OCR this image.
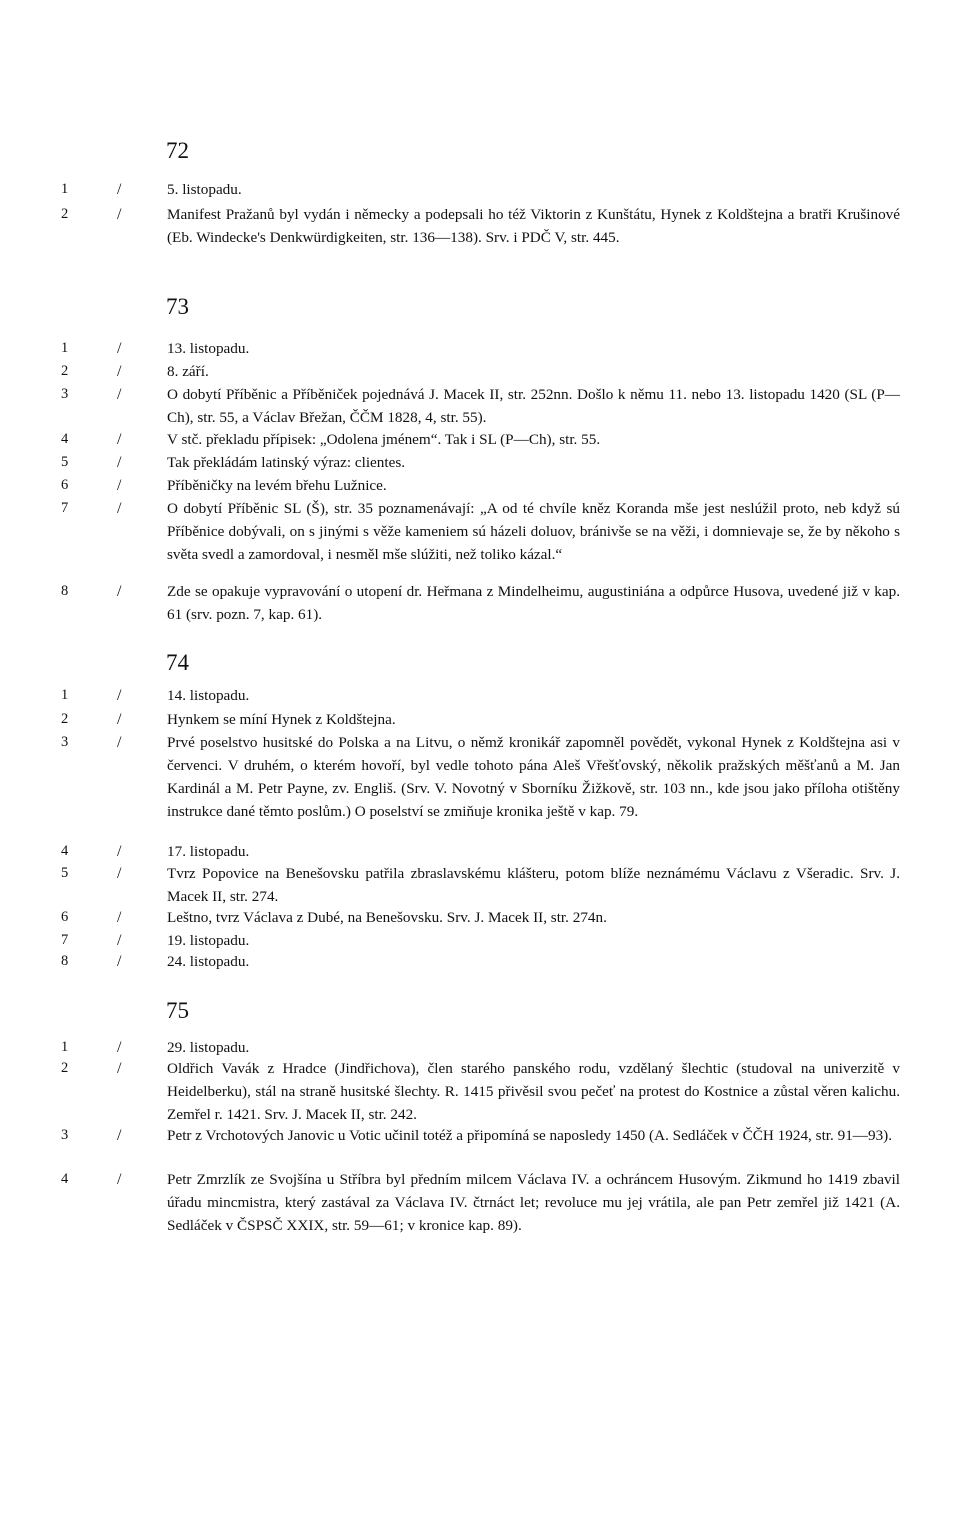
72
1	/	5. listopadu.
2	/	Manifest Pražanů byl vydán i německy a podepsali ho též Viktorin z Kunštátu, Hynek z Koldštejna a bratři Krušinové (Eb. Windecke's Denkwürdigkeiten, str. 136—138). Srv. i PDČ V, str. 445.
73
1	/	13. listopadu.
2	/	8. září.
3	/	O dobytí Příběnic a Příběniček pojednává J. Macek II, str. 252nn. Došlo k němu 11. nebo 13. listopadu 1420 (SL (P—Ch), str. 55, a Václav Břežan, ČČM 1828, 4, str. 55).
4	/	V stč. překladu přípisek: „Odolena jménem“. Tak i SL (P—Ch), str. 55.
5	/	Tak překládám latinský výraz: clientes.
6	/	Příběničky na levém břehu Lužnice.
7	/	O dobytí Příběnic SL (Š), str. 35 poznamenávají: „A od té chvíle kněz Koranda mše jest neslúžil proto, neb když sú Příběnice dobývali, on s jinými s věže kameniem sú házeli doluov, bránivše se na věži, i domnievaje se, že by někoho s světa svedl a zamordoval, i nesměl mše slúžiti, než toliko kázal.“
8	/	Zde se opakuje vypravování o utopení dr. Heřmana z Mindelheimu, augustiniána a odpůrce Husova, uvedené již v kap. 61 (srv. pozn. 7, kap. 61).
74
1	/	14. listopadu.
2	/	Hynkem se míní Hynek z Koldštejna.
3	/	Prvé poselstvo husitské do Polska a na Litvu, o němž kronikář zapomněl povědět, vykonal Hynek z Koldštejna asi v červenci. V druhém, o kterém hovoří, byl vedle tohoto pána Aleš Vřešťovský, několik pražských měšťanů a M. Jan Kardinál a M. Petr Payne, zv. Engliš. (Srv. V. Novotný v Sborníku Žižkově, str. 103 nn., kde jsou jako příloha otištěny instrukce dané těmto poslům.) O poselství se zmiňuje kronika ještě v kap. 79.
4	/	17. listopadu.
5	/	Tvrz Popovice na Benešovsku patřila zbraslavskému klášteru, potom blíže neznámému Václavu z Všeradic. Srv. J. Macek II, str. 274.
6	/	Leštno, tvrz Václava z Dubé, na Benešovsku. Srv. J. Macek II, str. 274n.
7	/	19. listopadu.
8	/	24. listopadu.
75
1	/	29. listopadu.
2	/	Oldřich Vavák z Hradce (Jindřichova), člen starého panského rodu, vzdělaný šlechtic (studoval na univerzitě v Heidelberku), stál na straně husitské šlechty. R. 1415 přivěsil svou pečeť na protest do Kostnice a zůstal věren kalichu. Zemřel r. 1421. Srv. J. Macek II, str. 242.
3	/	Petr z Vrchotových Janovic u Votic učinil totéž a připomíná se naposledy 1450 (A. Sedláček v ČČH 1924, str. 91—93).
4	/	Petr Zmrzlík ze Svojšína u Stříbra byl předním milcem Václava IV. a ochráncem Husovým. Zikmund ho 1419 zbavil úřadu mincmistra, který zastával za Václava IV. čtrnáct let; revoluce mu jej vrátila, ale pan Petr zemřel již 1421 (A. Sedláček v ČSPSČ XXIX, str. 59—61; v kronice kap. 89).
